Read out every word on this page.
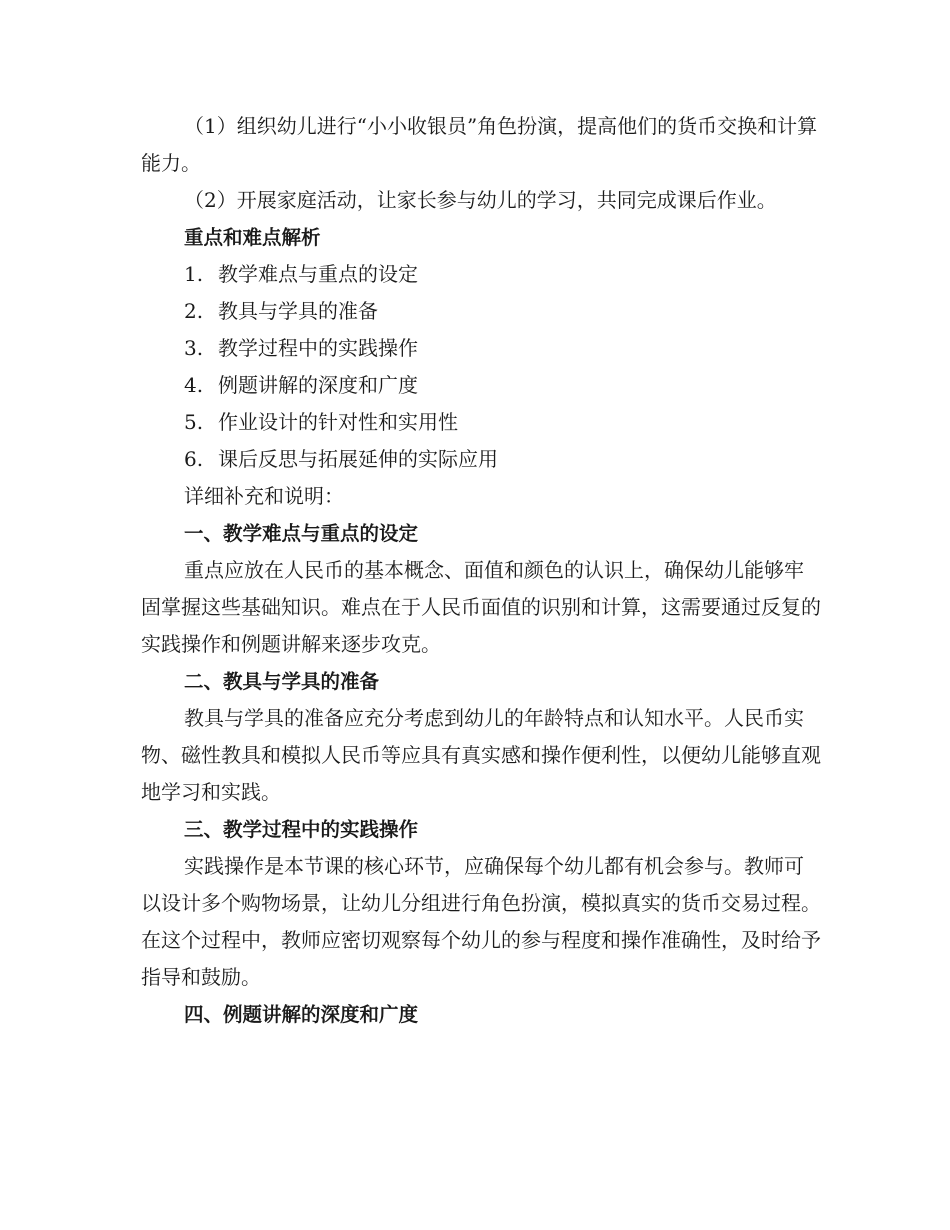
（1）组织幼儿进行“小小收银员”角色扮演，提高他们的货币交换和计算能力。

（2）开展家庭活动，让家长参与幼儿的学习，共同完成课后作业。

重点和难点解析

1. 教学难点与重点的设定
2. 教具与学具的准备
3. 教学过程中的实践操作
4. 例题讲解的深度和广度
5. 作业设计的针对性和实用性
6. 课后反思与拓展延伸的实际应用

详细补充和说明：

一、教学难点与重点的设定

重点应放在人民币的基本概念、面值和颜色的认识上，确保幼儿能够牢固掌握这些基础知识。难点在于人民币面值的识别和计算，这需要通过反复的实践操作和例题讲解来逐步攻克。

二、教具与学具的准备

教具与学具的准备应充分考虑到幼儿的年龄特点和认知水平。人民币实物、磁性教具和模拟人民币等应具有真实感和操作便利性，以便幼儿能够直观地学习和实践。

三、教学过程中的实践操作

实践操作是本节课的核心环节，应确保每个幼儿都有机会参与。教师可以设计多个购物场景，让幼儿分组进行角色扮演，模拟真实的货币交易过程。在这个过程中，教师应密切观察每个幼儿的参与程度和操作准确性，及时给予指导和鼓励。

四、例题讲解的深度和广度
